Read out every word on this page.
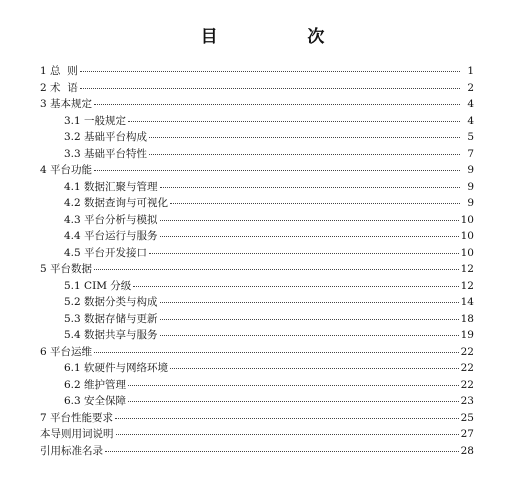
目    次
1 总  则	1
2 术  语	2
3 基本规定	4
3.1 一般规定	4
3.2 基础平台构成	5
3.3 基础平台特性	7
4 平台功能	9
4.1 数据汇聚与管理	9
4.2 数据查询与可视化	9
4.3 平台分析与模拟	10
4.4 平台运行与服务	10
4.5 平台开发接口	10
5 平台数据	12
5.1 CIM 分级	12
5.2 数据分类与构成	14
5.3 数据存储与更新	18
5.4 数据共享与服务	19
6 平台运维	22
6.1 软硬件与网络环境	22
6.2 维护管理	22
6.3 安全保障	23
7 平台性能要求	25
本导则用词说明	27
引用标准名录	28
